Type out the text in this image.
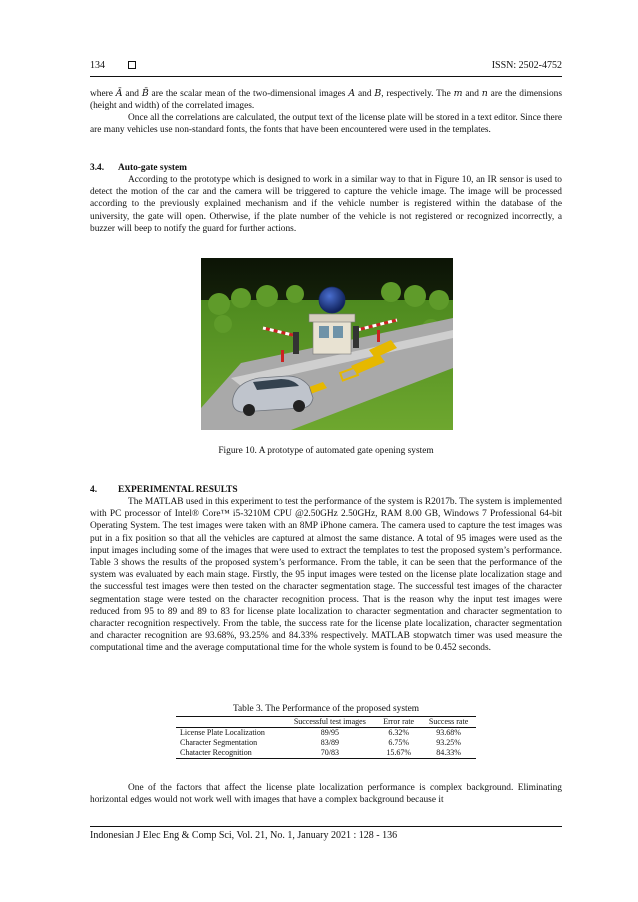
134	ISSN: 2502-4752

where Ā and B̄ are the scalar mean of the two-dimensional images A and B, respectively. The m and n are the dimensions (height and width) of the correlated images.

Once all the correlations are calculated, the output text of the license plate will be stored in a text editor. Since there are many vehicles use non-standard fonts, the fonts that have been encountered were used in the templates.

3.4. Auto-gate system

According to the prototype which is designed to work in a similar way to that in Figure 10, an IR sensor is used to detect the motion of the car and the camera will be triggered to capture the vehicle image. The image will be processed according to the previously explained mechanism and if the vehicle number is registered within the database of the university, the gate will open. Otherwise, if the plate number of the vehicle is not registered or recognized incorrectly, a buzzer will beep to notify the guard for further actions.

Figure 10. A prototype of automated gate opening system
4. EXPERIMENTAL RESULTS

The MATLAB used in this experiment to test the performance of the system is R2017b. The system is implemented with PC processor of Intel® Core™ i5-3210M CPU @2.50GHz 2.50GHz, RAM 8.00 GB, Windows 7 Professional 64-bit Operating System. The test images were taken with an 8MP iPhone camera. The camera used to capture the test images was put in a fix position so that all the vehicles are captured at almost the same distance. A total of 95 images were used as the input images including some of the images that were used to extract the templates to test the proposed system’s performance. Table 3 shows the results of the proposed system’s performance. From the table, it can be seen that the performance of the system was evaluated by each main stage. Firstly, the 95 input images were tested on the license plate localization stage and the successful test images were then tested on the character segmentation stage. The successful test images of the character segmentation stage were tested on the character recognition process. That is the reason why the input test images were reduced from 95 to 89 and 89 to 83 for license plate localization to character segmentation and character segmentation to character recognition respectively. From the table, the success rate for the license plate localization, character segmentation and character recognition are 93.68%, 93.25% and 84.33% respectively. MATLAB stopwatch timer was used measure the computational time and the average computational time for the whole system is found to be 0.452 seconds.

Table 3. The Performance of the proposed system
	Successful test images	Error rate	Success rate
License Plate Localization	89/95	6.32%	93.68%
Character Segmentation	83/89	6.75%	93.25%
Chatacter Recognition	70/83	15.67%	84.33%

One of the factors that affect the license plate localization performance is complex background. Eliminating horizontal edges would not work well with images that have a complex background because it

Indonesian J Elec Eng & Comp Sci, Vol. 21, No. 1, January 2021 : 128 - 136
